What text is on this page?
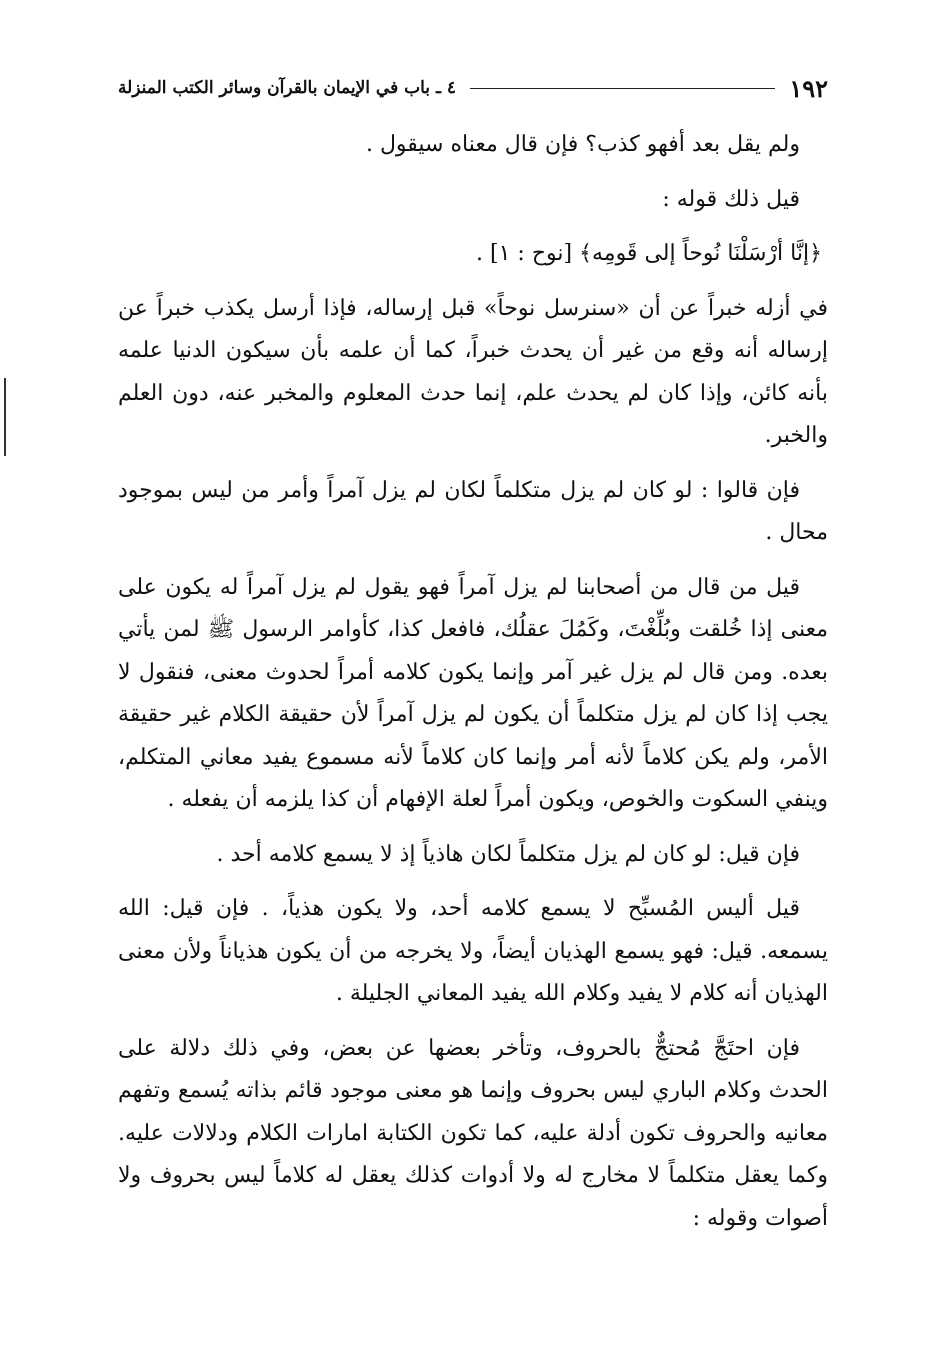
١٩٢
٤ ـ باب في الإيمان بالقرآن وسائر الكتب المنزلة

ولم يقل بعد أفهو كذب؟ فإن قال معناه سيقول .

قيل ذلك قوله :

﴿إنَّا أرْسَلْنَا نُوحاً إلى قَومِه﴾ [نوح : ١] .

في أزله خبراً عن أن «سنرسل نوحاً» قبل إرساله، فإذا أرسل يكذب خبراً عن إرساله أنه وقع من غير أن يحدث خبراً، كما أن علمه بأن سيكون الدنيا علمه بأنه كائن، وإذا كان لم يحدث علم، إنما حدث المعلوم والمخبر عنه، دون العلم والخبر.

فإن قالوا : لو كان لم يزل متكلماً لكان لم يزل آمراً وأمر من ليس بموجود محال .

قيل من قال من أصحابنا لم يزل آمراً فهو يقول لم يزل آمراً له يكون على معنى إذا خُلقت وبُلِّغْتَ، وكَمُلَ عقلُك، فافعل كذا، كأوامر الرسول ﷺ لمن يأتي بعده. ومن قال لم يزل غير آمر وإنما يكون كلامه أمراً لحدوث معنى، فنقول لا يجب إذا كان لم يزل متكلماً أن يكون لم يزل آمراً لأن حقيقة الكلام غير حقيقة الأمر، ولم يكن كلاماً لأنه أمر وإنما كان كلاماً لأنه مسموع يفيد معاني المتكلم، وينفي السكوت والخوص، ويكون أمراً لعلة الإفهام أن كذا يلزمه أن يفعله .

فإن قيل: لو كان لم يزل متكلماً لكان هاذياً إذ لا يسمع كلامه أحد .

قيل أليس المُسبِّح لا يسمع كلامه أحد، ولا يكون هذياً، . فإن قيل: الله يسمعه. قيل: فهو يسمع الهذيان أيضاً، ولا يخرجه من أن يكون هذياناً ولأن معنى الهذيان أنه كلام لا يفيد وكلام الله يفيد المعاني الجليلة .

فإن احتَجَّ مُحتجٌّ بالحروف، وتأخر بعضها عن بعض، وفي ذلك دلالة على الحدث وكلام الباري ليس بحروف وإنما هو معنى موجود قائم بذاته يُسمع وتفهم معانيه والحروف تكون أدلة عليه، كما تكون الكتابة امارات الكلام ودلالات عليه. وكما يعقل متكلماً لا مخارج له ولا أدوات كذلك يعقل له كلاماً ليس بحروف ولا أصوات وقوله :
